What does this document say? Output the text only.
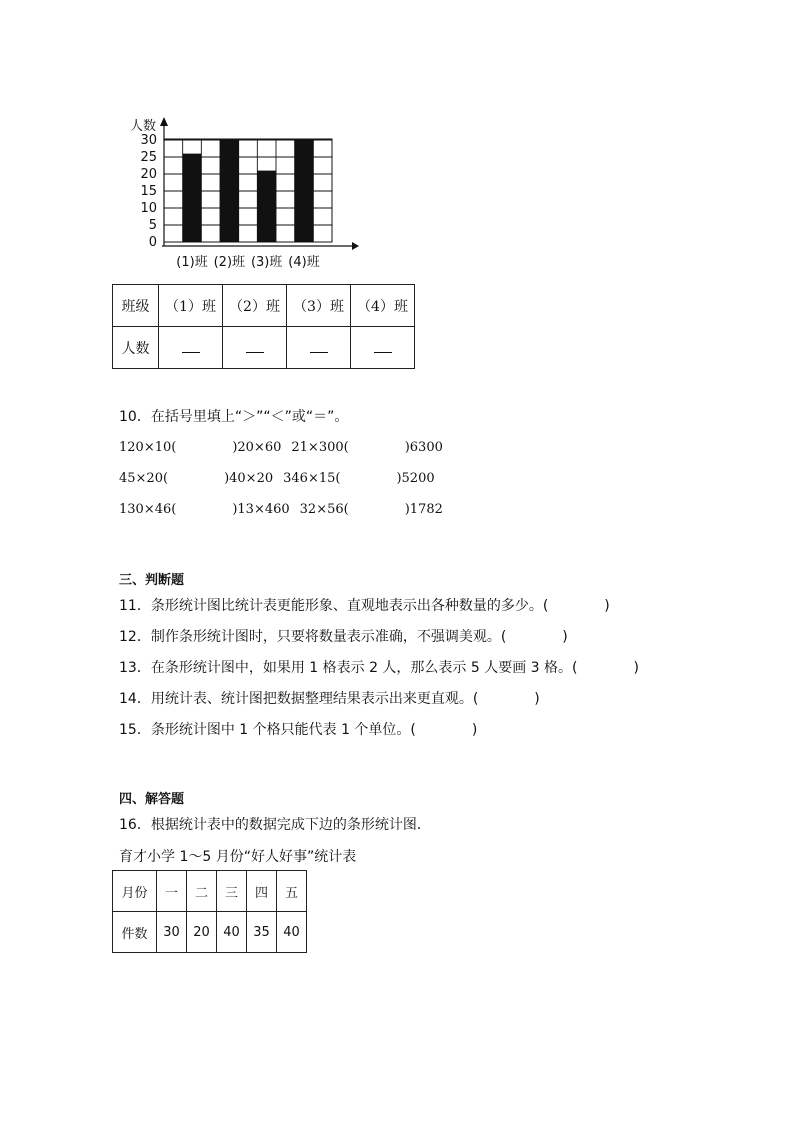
0
5
10
15
20
25
30
(1)班 (2)班 (3)班 (4)班
人数
班级	（1）班	（2）班	（3）班	（4）班
人数				
10．在括号里填上“＞”“＜”或“＝”。
120×10(	)20×60 21×300(	)6300
45×20(	)40×20 346×15(	)5200
130×46(	)13×460 32×56(	)1782
三、判断题
11．条形统计图比统计表更能形象、直观地表示出各种数量的多少。(　　　　)
12．制作条形统计图时，只要将数量表示准确，不强调美观。(　　　　)
13．在条形统计图中，如果用 1 格表示 2 人，那么表示 5 人要画 3 格。(　　　　)
14．用统计表、统计图把数据整理结果表示出来更直观。(　　　　)
15．条形统计图中 1 个格只能代表 1 个单位。(　　　　)
四、解答题
16．根据统计表中的数据完成下边的条形统计图．
育才小学 1～5 月份“好人好事”统计表
月份	一	二	三	四	五
件数	30	20	40	35	40
